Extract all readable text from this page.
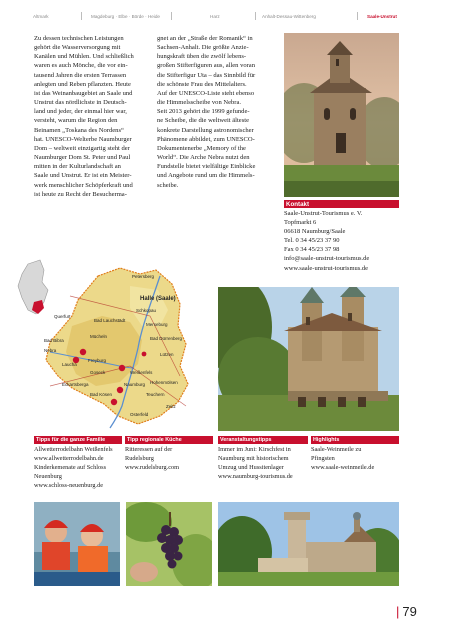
Altmark	Magdeburg · Elbe · Börde · Heide	Harz	Anhalt-Dessau-Wittenberg	Saale-Unstrut
Zu dessen technischen Leistungen
gehört die Wasserversorgung mit
Kanälen und Mühlen. Und schließlich
waren es auch Mönche, die vor ein-
tausend Jahren die ersten Terrassen
anlegten und Reben pflanzten. Heute
ist das Weinanbaugebiet an Saale und
Unstrut das nördlichste in Deutsch-
land und jeder, der einmal hier war,
versteht, warum die Region den
Beinamen „Toskana des Nordens“
hat. UNESCO-Welterbe Naumburger
Dom – weltweit einzigartig steht der
Naumburger Dom St. Peter und Paul
mitten in der Kulturlandschaft an
Saale und Unstrut. Er ist ein Meister-
werk menschlicher Schöpferkraft und
ist heute zu Recht der Besucherma-
gnet an der „Straße der Romanik“ in
Sachsen-Anhalt. Die größte Anzie-
hungskraft üben die zwölf lebens-
großen Stifterfiguren aus, allen voran
die Stifterfigur Uta – das Sinnbild für
die schönste Frau des Mittelalters.
Auf der UNESCO-Liste steht ebenso
die Himmelsscheibe von Nebra.
Seit 2013 gehört die 1999 gefunde-
ne Scheibe, die die weltweit älteste
konkrete Darstellung astronomischer
Phänomene abbildet, zum UNESCO-
Dokumentenerbe „Memory of the
World“. Die Arche Nebra nutzt den
Fundstelle bietet vielfältige Einblicke
und Angebote rund um die Himmels-
scheibe.
Kontakt
Saale-Unstrut-Tourismus e. V.
Topfmarkt 6
06618 Naumburg/Saale
Tel. 0 34 45/23 37 90
Fax 0 34 45/23 37 98
info@saale-unstrut-tourismus.de
www.saale-unstrut-tourismus.de
Petersberg
Halle (Saale)
Schkopau
Merseburg
Bad Dürrenberg
Lützen
Querfurt
Bad Lauchstädt
Mücheln
Nebra
Laucha
Freyburg
Goseck
Bad Bibra
Eckartsberga
Bad Kösen
Naumburg
Weißenfels
Hohenmölsen
Teuchern
Zeitz
Osterfeld
Tipps für die ganze Familie
Allwetterrodelbahn Weißenfels
www.allwetterrodelbahn.de
Kinderkemenate auf Schloss
Neuenburg
www.schloss-neuenburg.de
Tipp regionale Küche
Ritteressen auf der
Rudelsburg
www.rudelsburg.com
Veranstaltungstipps
Immer im Juni: Kirschfest in
Naumburg mit historischem
Umzug und Hussitenlager
www.naumburg-tourismus.de
Highlights
Saale-Weinmeile zu
Pfingsten
www.saale-weinmeile.de
| 79
